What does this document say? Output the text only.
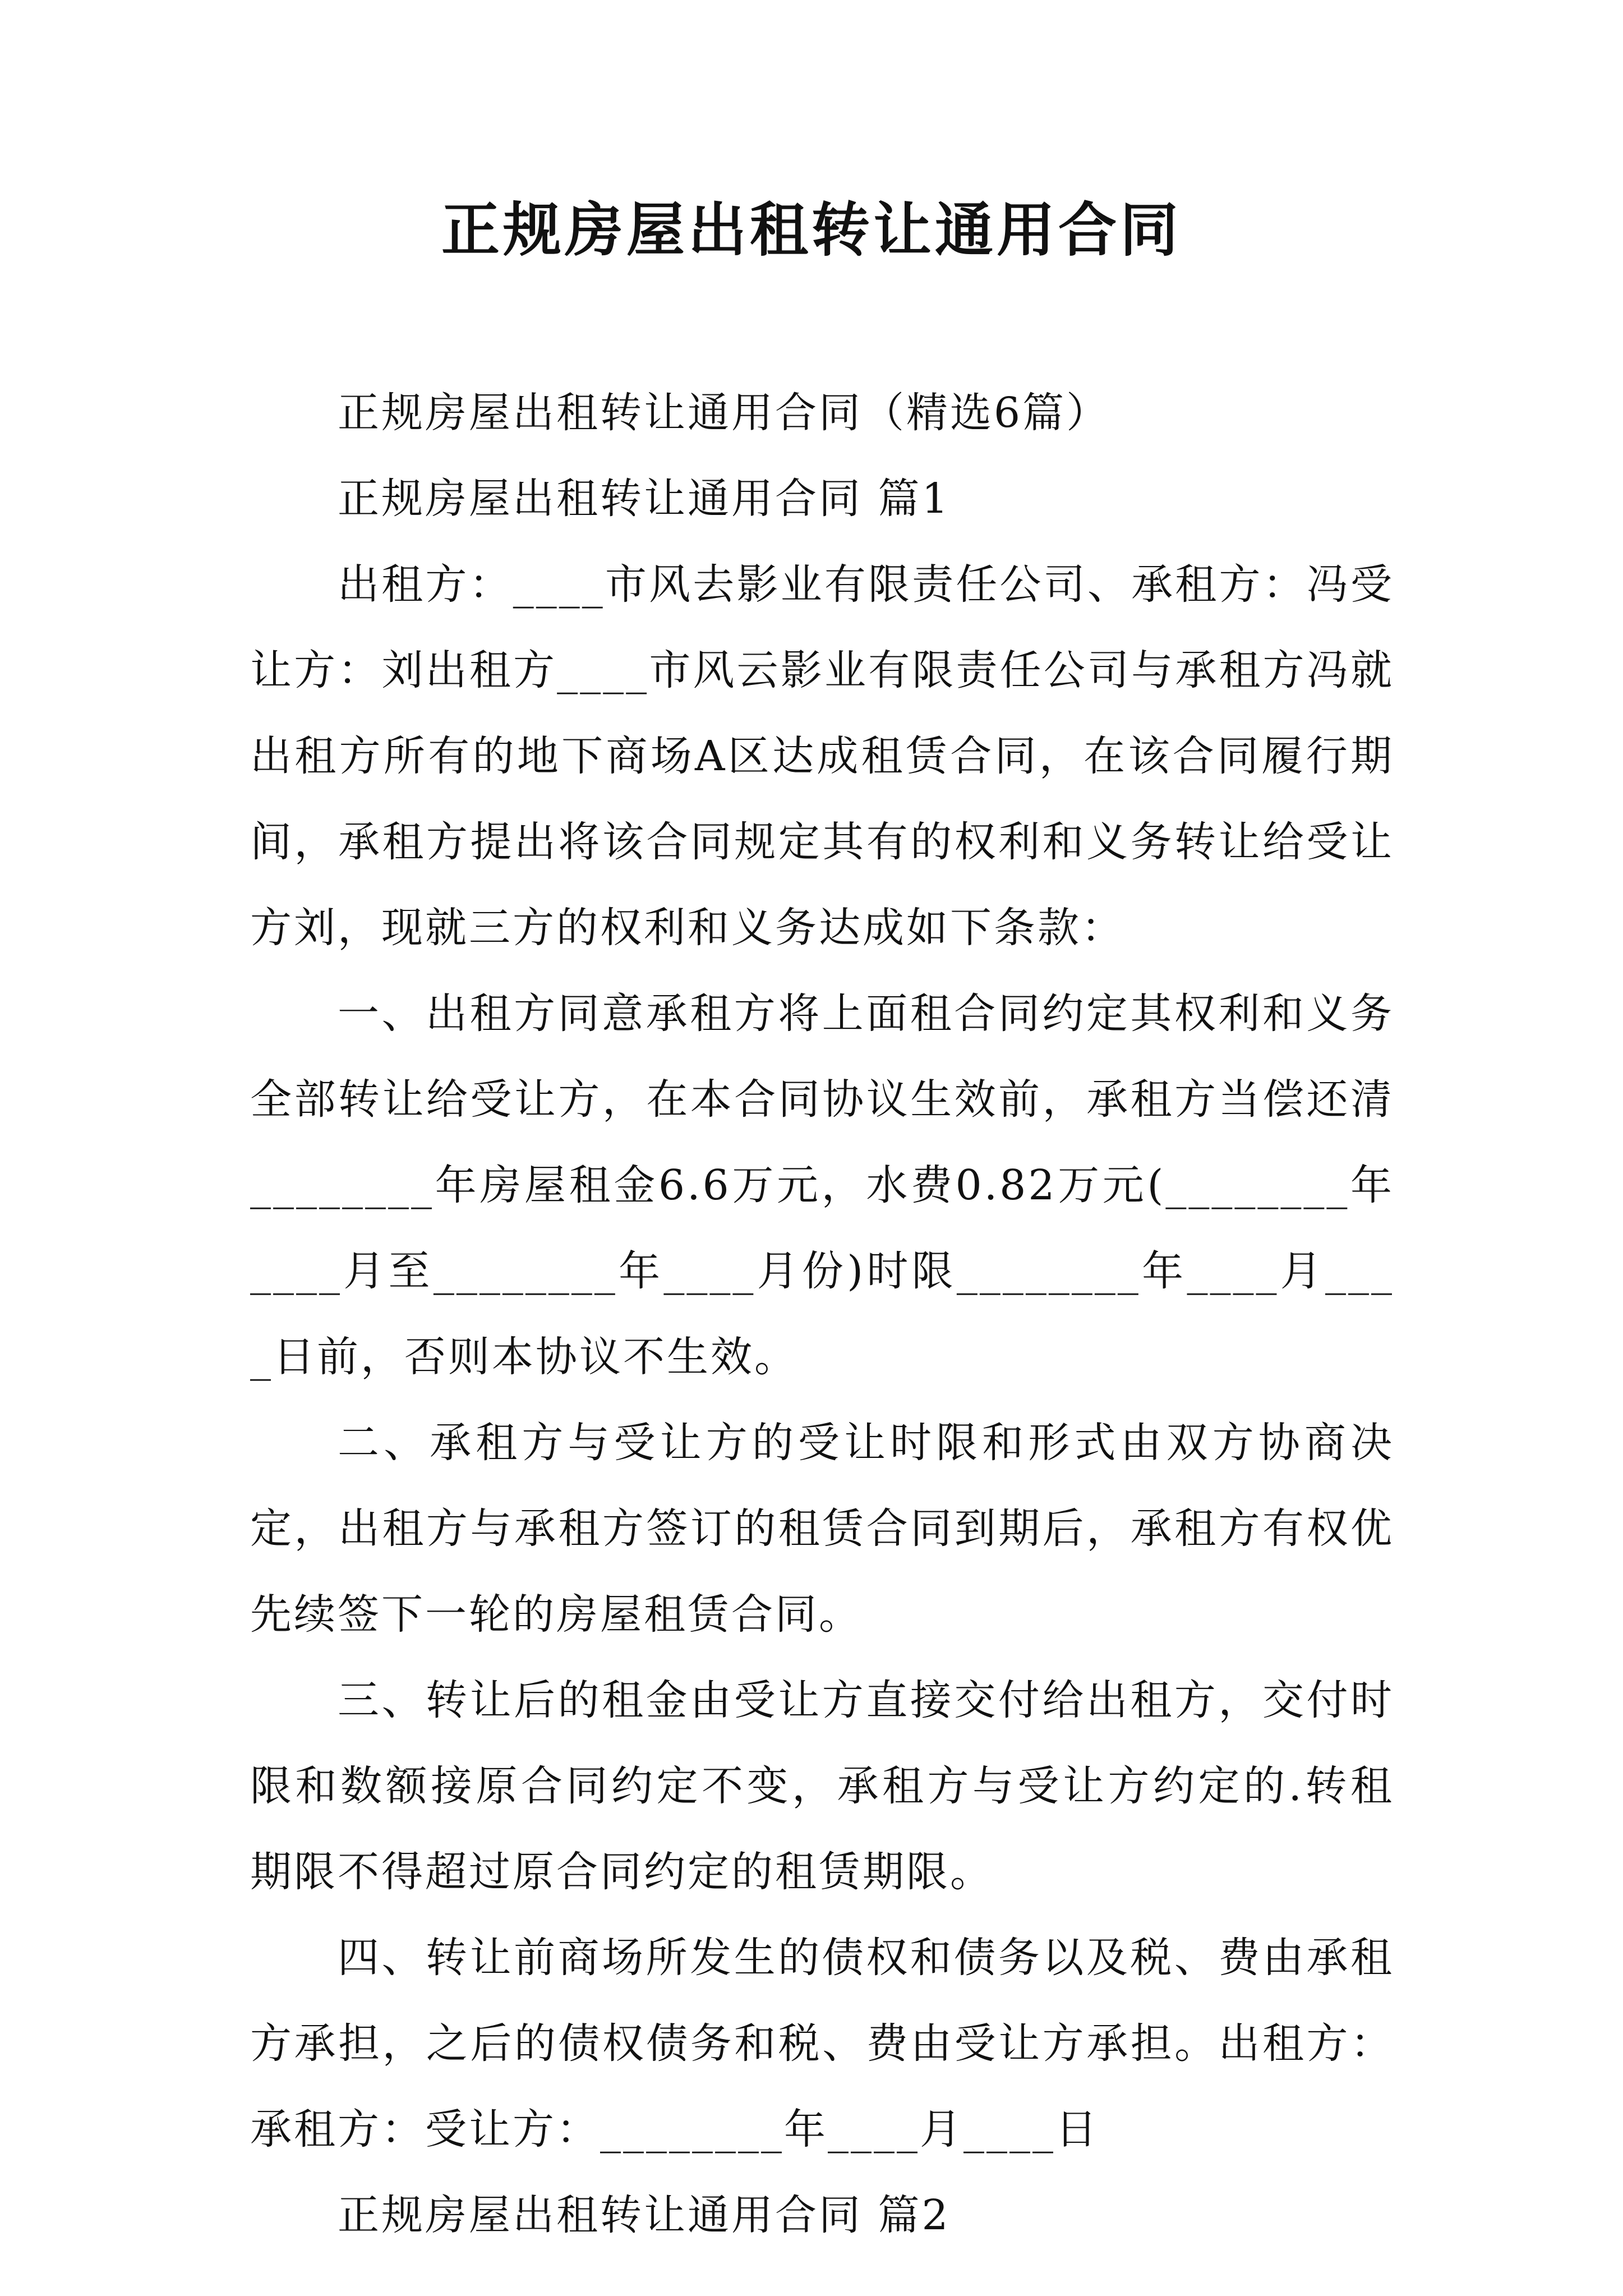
正规房屋出租转让通用合同

正规房屋出租转让通用合同（精选6篇）

正规房屋出租转让通用合同 篇1

出租方：____市风去影业有限责任公司、承租方：冯受让方：刘出租方____市风云影业有限责任公司与承租方冯就出租方所有的地下商场A区达成租赁合同，在该合同履行期间，承租方提出将该合同规定其有的权利和义务转让给受让方刘，现就三方的权利和义务达成如下条款：

一、出租方同意承租方将上面租合同约定其权利和义务全部转让给受让方，在本合同协议生效前，承租方当偿还清________年房屋租金6.6万元，水费0.82万元(________年____月至________年____月份)时限________年____月____日前，否则本协议不生效。

二、承租方与受让方的受让时限和形式由双方协商决定，出租方与承租方签订的租赁合同到期后，承租方有权优先续签下一轮的房屋租赁合同。

三、转让后的租金由受让方直接交付给出租方，交付时限和数额接原合同约定不变，承租方与受让方约定的.转租期限不得超过原合同约定的租赁期限。

四、转让前商场所发生的债权和债务以及税、费由承租方承担，之后的债权债务和税、费由受让方承担。出租方：承租方：受让方：________年____月____日

正规房屋出租转让通用合同 篇2
